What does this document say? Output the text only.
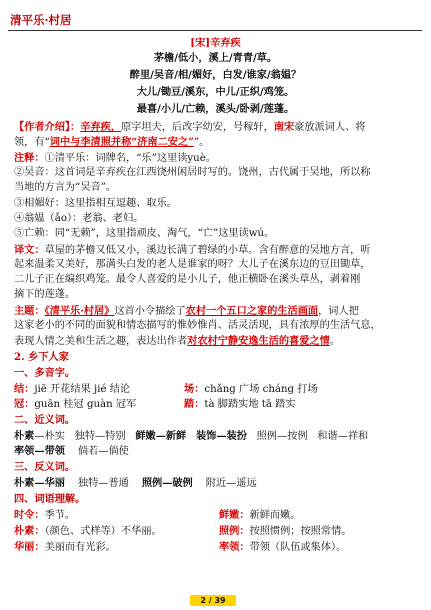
清平乐·村居
[宋]辛弃疾
茅檐/低小，溪上/青青/草。
醉里/吴音/相/媚好，白发/谁家/翁媪？
大儿/锄豆/溪东，中儿/正织/鸡笼。
最喜/小儿/亡赖，溪头/卧剥/莲蓬。
【作者介绍】：辛弃疾，原字坦夫，后改字幼安，号稼轩，南宋豪放派词人、将
领，有“词中与李清照并称“济南二安之””。
注释：①清平乐：词牌名，“乐”这里读yuè。
②吴音：这首词是辛弃疾在江西饶州闲居时写的。饶州，古代属于吴地，所以称
当地的方言为“吴音”。
③相媚好：这里指相互逗趣、取乐。
④翁媪（ǎo）：老翁、老妇。
⑤亡赖：同“无赖”，这里指顽皮、淘气，“亡”这里读wú。
译文：草屋的茅檐又低又小，溪边长满了碧绿的小草。含有醉意的吴地方言，听
起来温柔又美好，那满头白发的老人是谁家的呀？大儿子在溪东边的豆田锄草，
二儿子正在编织鸡笼。最令人喜爱的是小儿子，他正横卧在溪头草丛，剥着刚
摘下的莲蓬。
主题：《清平乐·村居》这首小令描绘了农村一个五口之家的生活画面，词人把
这家老小的不同的面貌和情态描写的惟妙惟肖、活灵活现，具有浓厚的生活气息，
表现人情之美和生活之趣，表达出作者对农村宁静安逸生活的喜爱之情。
2. 乡下人家
一、多音字。
结：jiē 开花结果 jié 结论	场：chǎng 广场 cháng 打场
冠：guān 桂冠 guàn 冠军	踏：tà 脚踏实地 tā 踏实
二、近义词。
朴素—朴实 独特—特别 鲜嫩—新鲜 装饰—装扮 照例—按例 和谐—祥和
率领—带领 倘若—倘使
三、反义词。
朴素—华丽 独特—普通 照例—破例 附近—遥远
四、词语理解。
时令：季节。	鲜嫩：新鲜而嫩。
朴素：（颜色、式样等）不华丽。	照例：按照惯例；按照常情。
华丽：美丽而有光彩。	率领：带领（队伍或集体）。
2 / 39
